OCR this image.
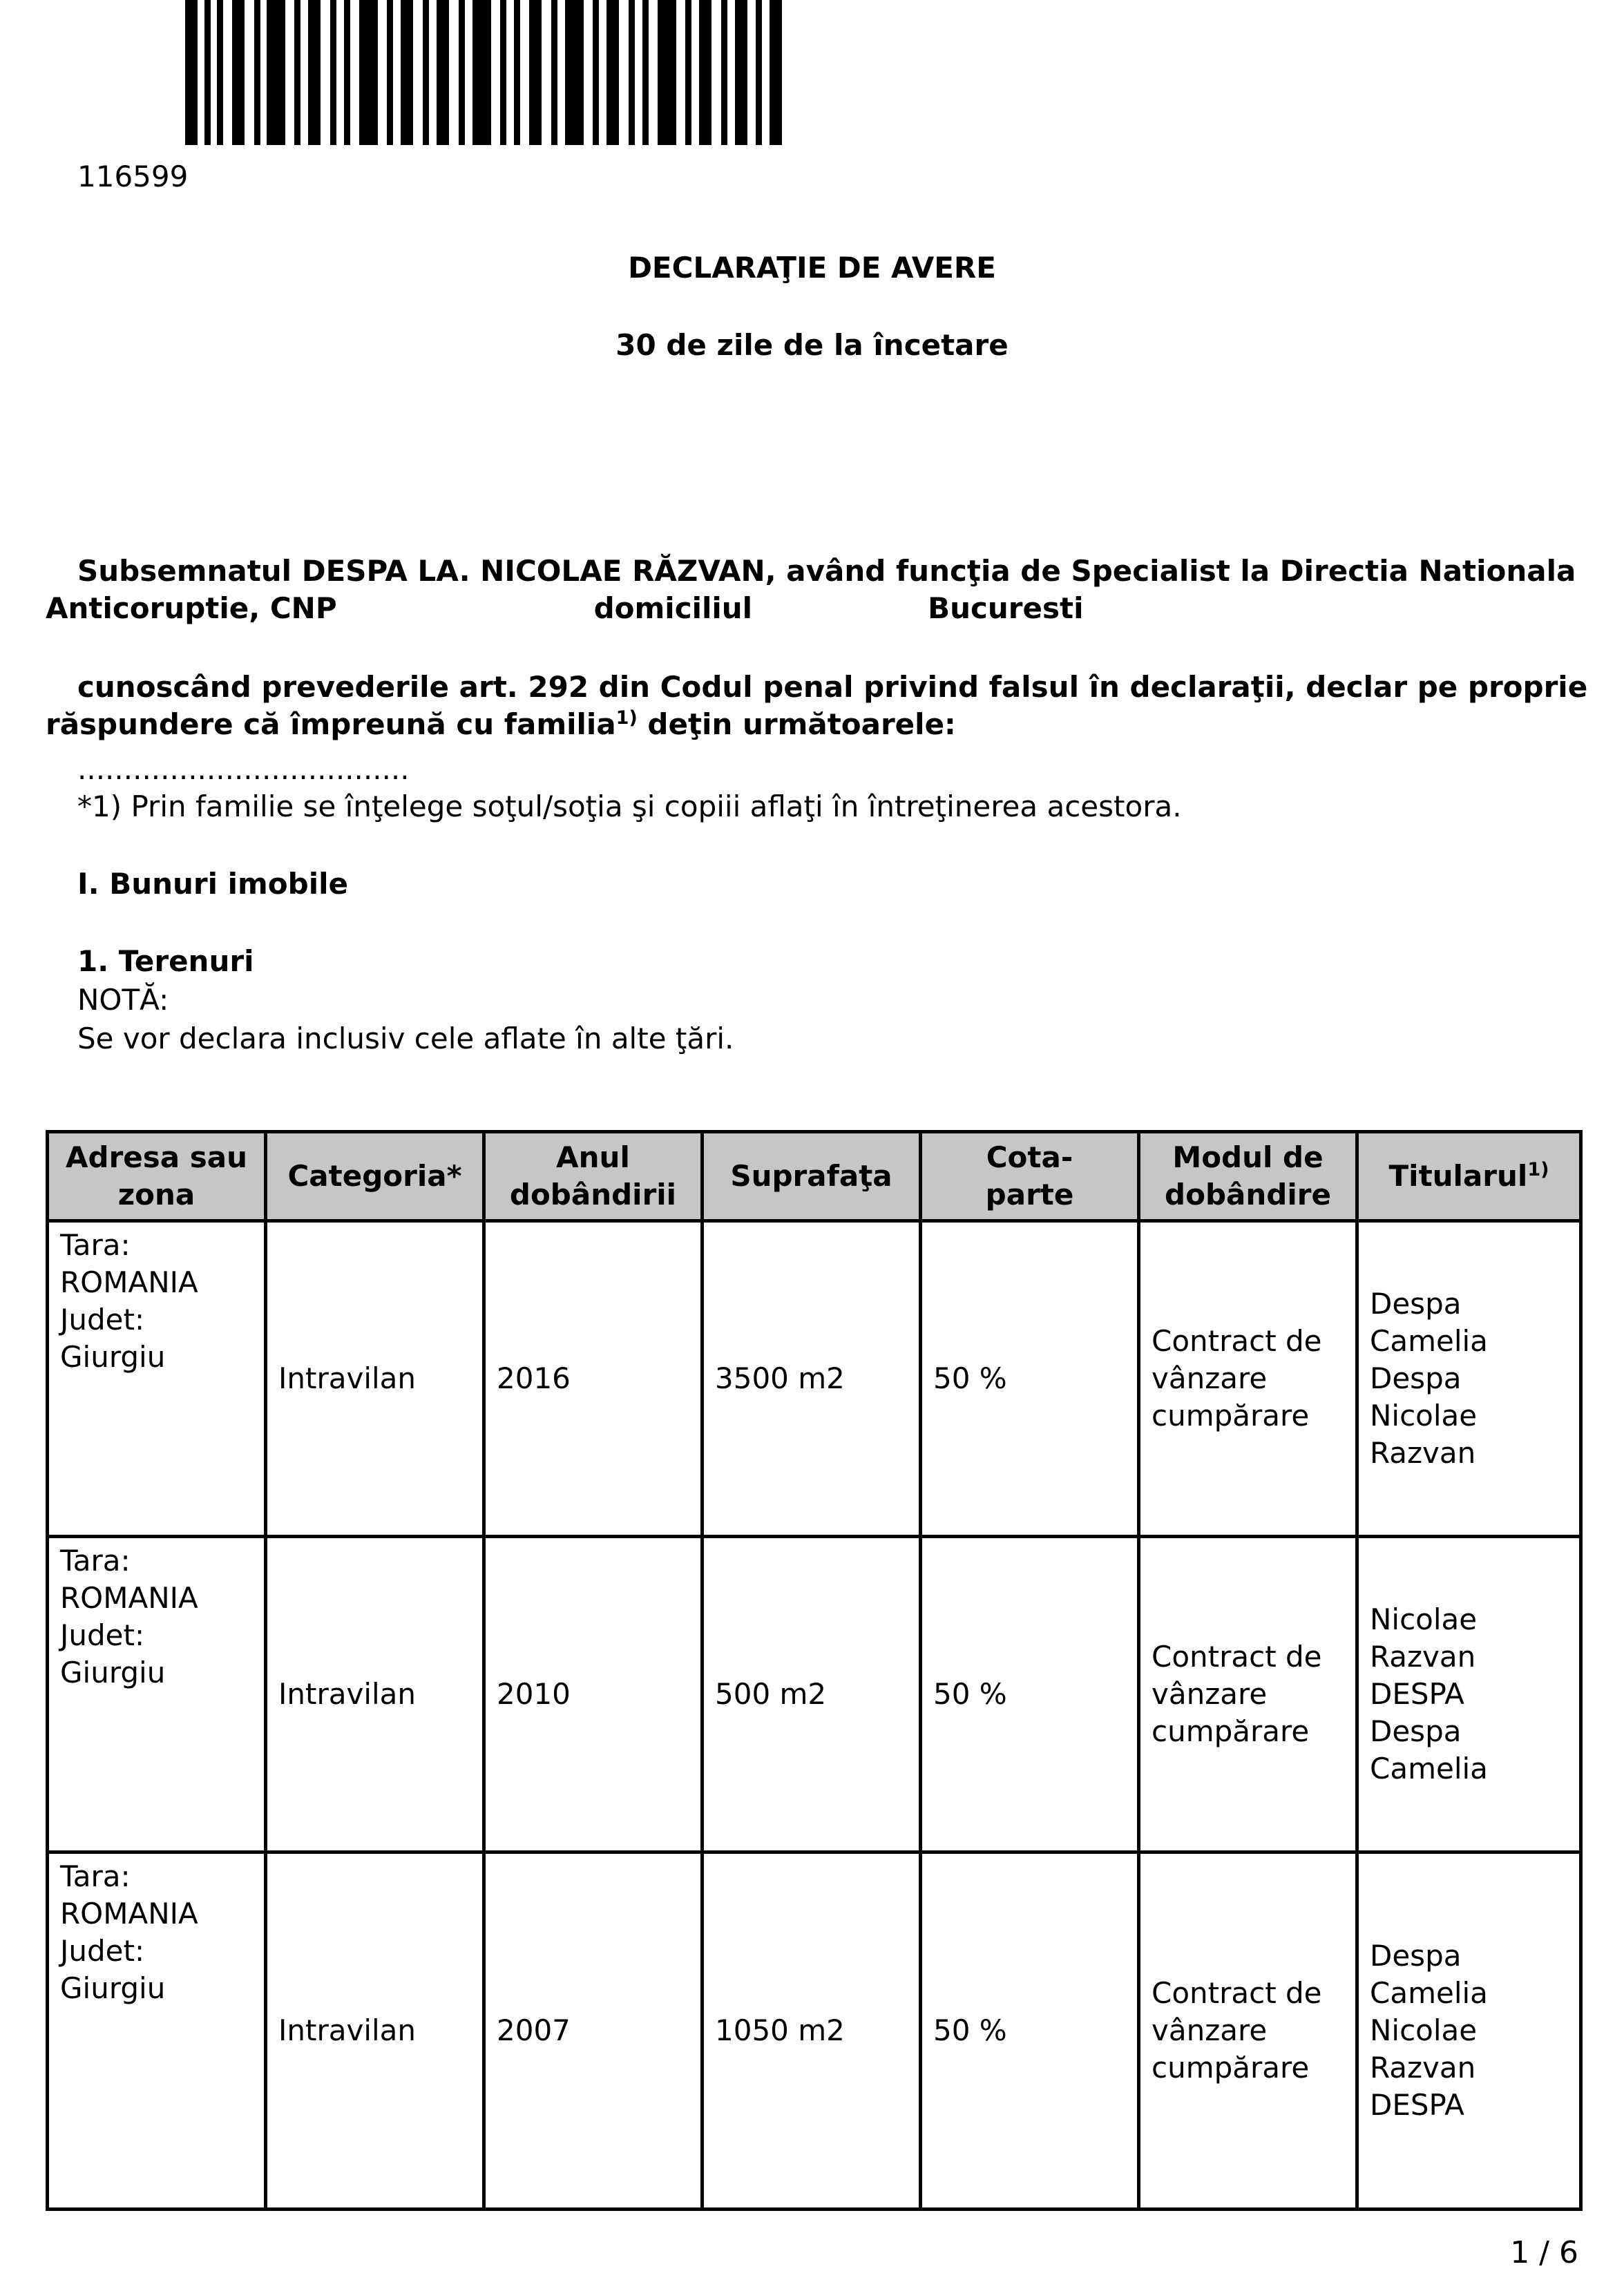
116599
DECLARAŢIE DE AVERE
30 de zile de la încetare
Subsemnatul DESPA LA. NICOLAE RĂZVAN, având funcţia de Specialist la Directia Nationala
Anticoruptie, CNP	domiciliul	Bucuresti
cunoscând prevederile art. 292 din Codul penal privind falsul în declaraţii, declar pe proprie
răspundere că împreună cu familia$^{1)}$ deţin următoarele:
....................................
*1) Prin familie se înţelege soţul/soţia şi copiii aflaţi în întreţinerea acestora.
I. Bunuri imobile
1. Terenuri
NOTĂ:
Se vor declara inclusiv cele aflate în alte ţări.
Adresa sau
zona	Categoria*	Anul
dobândirii	Suprafaţa	Cota-
parte	Modul de
dobândire	Titularul$^{1)}$

Tara:
ROMANIA
Judet:
Giurgiu	Intravilan	2016	3500 m2	50 %	Contract de
vânzare
cumpărare	Despa
Camelia
Despa
Nicolae
Razvan

Tara:
ROMANIA
Judet:
Giurgiu	Intravilan	2010	500 m2	50 %	Contract de
vânzare
cumpărare	Nicolae
Razvan
DESPA
Despa
Camelia

Tara:
ROMANIA
Judet:
Giurgiu	Intravilan	2007	1050 m2	50 %	Contract de
vânzare
cumpărare	Despa
Camelia
Nicolae
Razvan
DESPA
1 / 6
